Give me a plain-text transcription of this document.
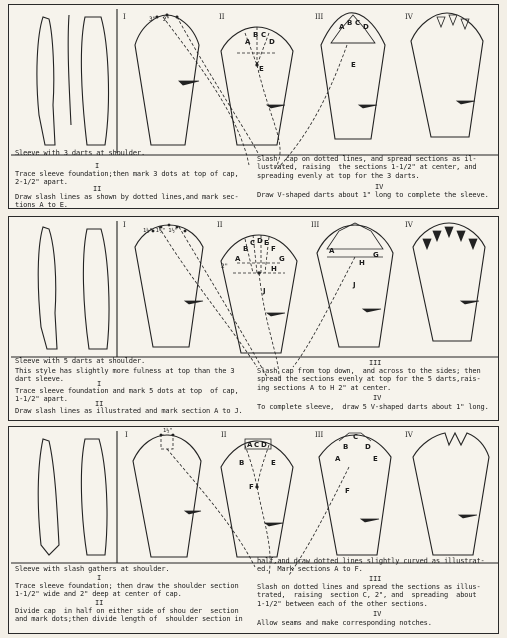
I	II	III	IV
3"  2"
A
B C
D
E
A B C D
E
Sleeve with 3 darts at shoulder.
I
Trace sleeve foundation;then mark 3 dots at top of cap,
2-1/2" apart.
II
Draw slash lines as shown by dotted lines,and mark sec-
tions A to E.
Slash  cap on dotted lines, and spread sections as il-
lustrated, raising  the sections 1-1/2" at center, and
spreading evenly at top for the 3 darts.
IV
Draw V-shaped darts about 1" long to complete the sleeve.
I	II	III	IV
1½" 1½" 1½"
2"
B
C D E
F
G
A
H
J
A	G
H
J
Sleeve with 5 darts at shoulder.
This style has slightly more fulness at top than the 3
dart sleeve.
I
Trace sleeve foundation and mark 5 dots at top  of cap,
1-1/2" apart.
II
Draw slash lines as illustrated and mark section A to J.
III
Slash cap from top down,  and across to the sides; then
spread the sections evenly at top for the 5 darts,rais-
ing sections A to H 2" at center.
IV
To complete sleeve,  draw 5 V-shaped darts about 1" long.
I	II	III	IV
1½"
A C D
B	E
F
B
C
D
A	E
F
Sleeve with slash gathers at shoulder.
I
Trace sleeve foundation; then draw the shoulder section
1-1/2" wide and 2" deep at center of cap.
II
Divide cap  in half on either side of shou der  section
and mark dots;then divide length of  shoulder section in
half,and draw dotted lines slightly curved as illustrat-
ed.  Mark sections A to F.
III
Slash on dotted lines and spread the sections as illus-
trated,  raising  section C, 2", and  spreading  about
1-1/2" between each of the other sections.
IV
Allow seams and make corresponding notches.
